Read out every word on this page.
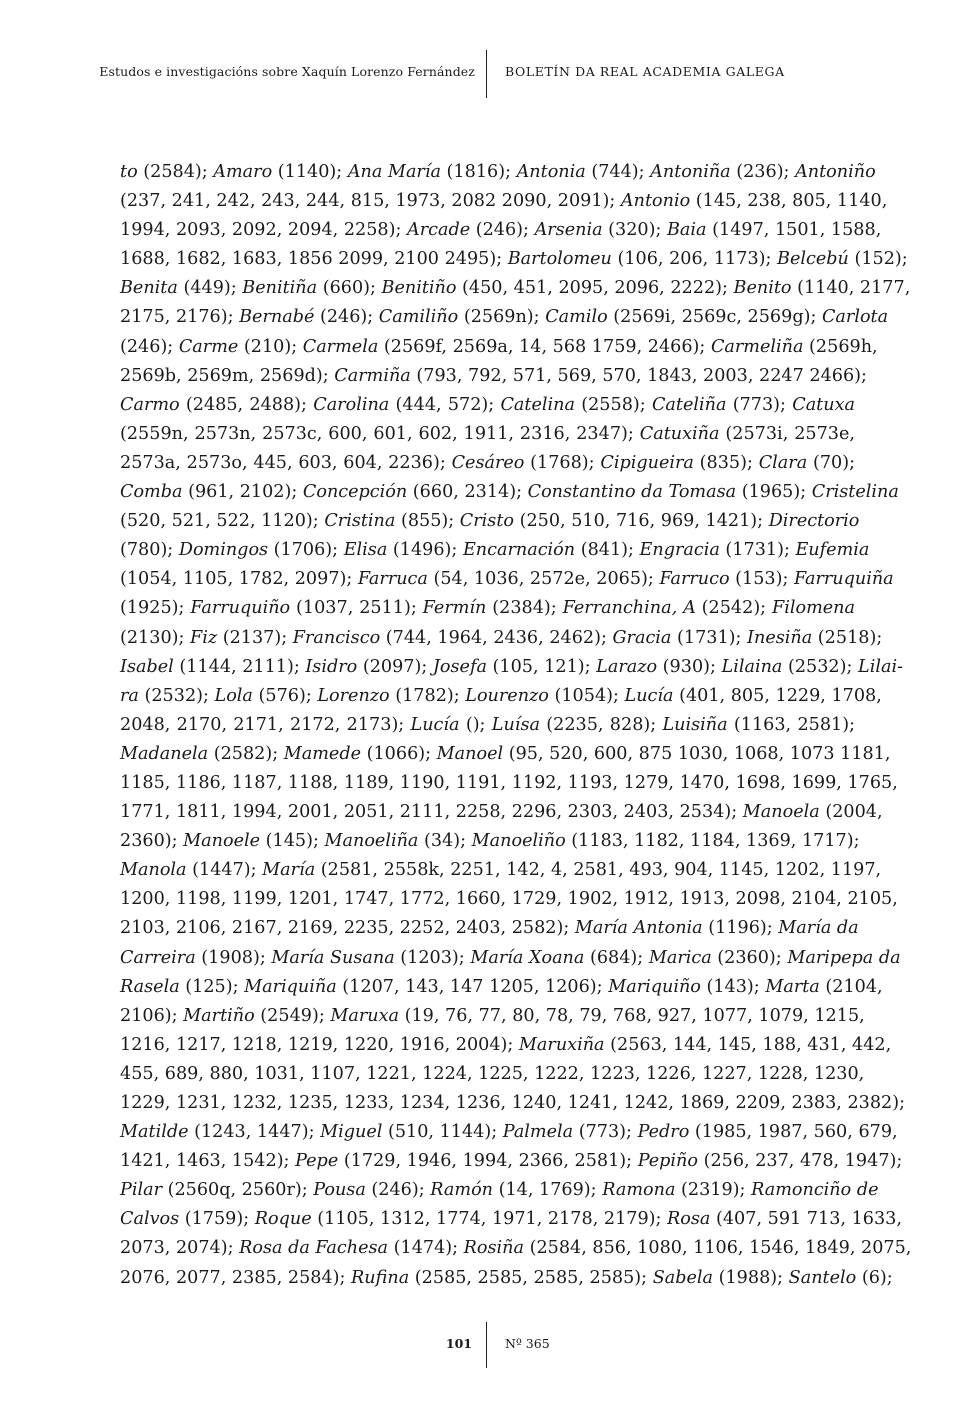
Estudos e investigacións sobre Xaquín Lorenzo Fernández BOLETÍN DA REAL ACADEMIA GALEGA
to (2584); Amaro (1140); Ana María (1816); Antonia (744); Antoniña (236); Antoniño
(237, 241, 242, 243, 244, 815, 1973, 2082 2090, 2091); Antonio (145, 238, 805, 1140,
1994, 2093, 2092, 2094, 2258); Arcade (246); Arsenia (320); Baia (1497, 1501, 1588,
1688, 1682, 1683, 1856 2099, 2100 2495); Bartolomeu (106, 206, 1173); Belcebú (152);
Benita (449); Benitiña (660); Benitiño (450, 451, 2095, 2096, 2222); Benito (1140, 2177,
2175, 2176); Bernabé (246); Camiliño (2569n); Camilo (2569i, 2569c, 2569g); Carlota
(246); Carme (210); Carmela (2569f, 2569a, 14, 568 1759, 2466); Carmeliña (2569h,
2569b, 2569m, 2569d); Carmiña (793, 792, 571, 569, 570, 1843, 2003, 2247 2466);
Carmo (2485, 2488); Carolina (444, 572); Catelina (2558); Cateliña (773); Catuxa
(2559n, 2573n, 2573c, 600, 601, 602, 1911, 2316, 2347); Catuxiña (2573i, 2573e,
2573a, 2573o, 445, 603, 604, 2236); Cesáreo (1768); Cipigueira (835); Clara (70);
Comba (961, 2102); Concepción (660, 2314); Constantino da Tomasa (1965); Cristelina
(520, 521, 522, 1120); Cristina (855); Cristo (250, 510, 716, 969, 1421); Directorio
(780); Domingos (1706); Elisa (1496); Encarnación (841); Engracia (1731); Eufemia
(1054, 1105, 1782, 2097); Farruca (54, 1036, 2572e, 2065); Farruco (153); Farruquiña
(1925); Farruquiño (1037, 2511); Fermín (2384); Ferranchina, A (2542); Filomena
(2130); Fiz (2137); Francisco (744, 1964, 2436, 2462); Gracia (1731); Inesiña (2518);
Isabel (1144, 2111); Isidro (2097); Josefa (105, 121); Larazo (930); Lilaina (2532); Lilai-
ra (2532); Lola (576); Lorenzo (1782); Lourenzo (1054); Lucía (401, 805, 1229, 1708,
2048, 2170, 2171, 2172, 2173); Lucía (); Luísa (2235, 828); Luisiña (1163, 2581);
Madanela (2582); Mamede (1066); Manoel (95, 520, 600, 875 1030, 1068, 1073 1181,
1185, 1186, 1187, 1188, 1189, 1190, 1191, 1192, 1193, 1279, 1470, 1698, 1699, 1765,
1771, 1811, 1994, 2001, 2051, 2111, 2258, 2296, 2303, 2403, 2534); Manoela (2004,
2360); Manoele (145); Manoeliña (34); Manoeliño (1183, 1182, 1184, 1369, 1717);
Manola (1447); María (2581, 2558k, 2251, 142, 4, 2581, 493, 904, 1145, 1202, 1197,
1200, 1198, 1199, 1201, 1747, 1772, 1660, 1729, 1902, 1912, 1913, 2098, 2104, 2105,
2103, 2106, 2167, 2169, 2235, 2252, 2403, 2582); María Antonia (1196); María da
Carreira (1908); María Susana (1203); María Xoana (684); Marica (2360); Maripepa da
Rasela (125); Mariquiña (1207, 143, 147 1205, 1206); Mariquiño (143); Marta (2104,
2106); Martiño (2549); Maruxa (19, 76, 77, 80, 78, 79, 768, 927, 1077, 1079, 1215,
1216, 1217, 1218, 1219, 1220, 1916, 2004); Maruxiña (2563, 144, 145, 188, 431, 442,
455, 689, 880, 1031, 1107, 1221, 1224, 1225, 1222, 1223, 1226, 1227, 1228, 1230,
1229, 1231, 1232, 1235, 1233, 1234, 1236, 1240, 1241, 1242, 1869, 2209, 2383, 2382);
Matilde (1243, 1447); Miguel (510, 1144); Palmela (773); Pedro (1985, 1987, 560, 679,
1421, 1463, 1542); Pepe (1729, 1946, 1994, 2366, 2581); Pepiño (256, 237, 478, 1947);
Pilar (2560q, 2560r); Pousa (246); Ramón (14, 1769); Ramona (2319); Ramonciño de
Calvos (1759); Roque (1105, 1312, 1774, 1971, 2178, 2179); Rosa (407, 591 713, 1633,
2073, 2074); Rosa da Fachesa (1474); Rosiña (2584, 856, 1080, 1106, 1546, 1849, 2075,
2076, 2077, 2385, 2584); Rufina (2585, 2585, 2585, 2585); Sabela (1988); Santelo (6);
101	Nº 365
